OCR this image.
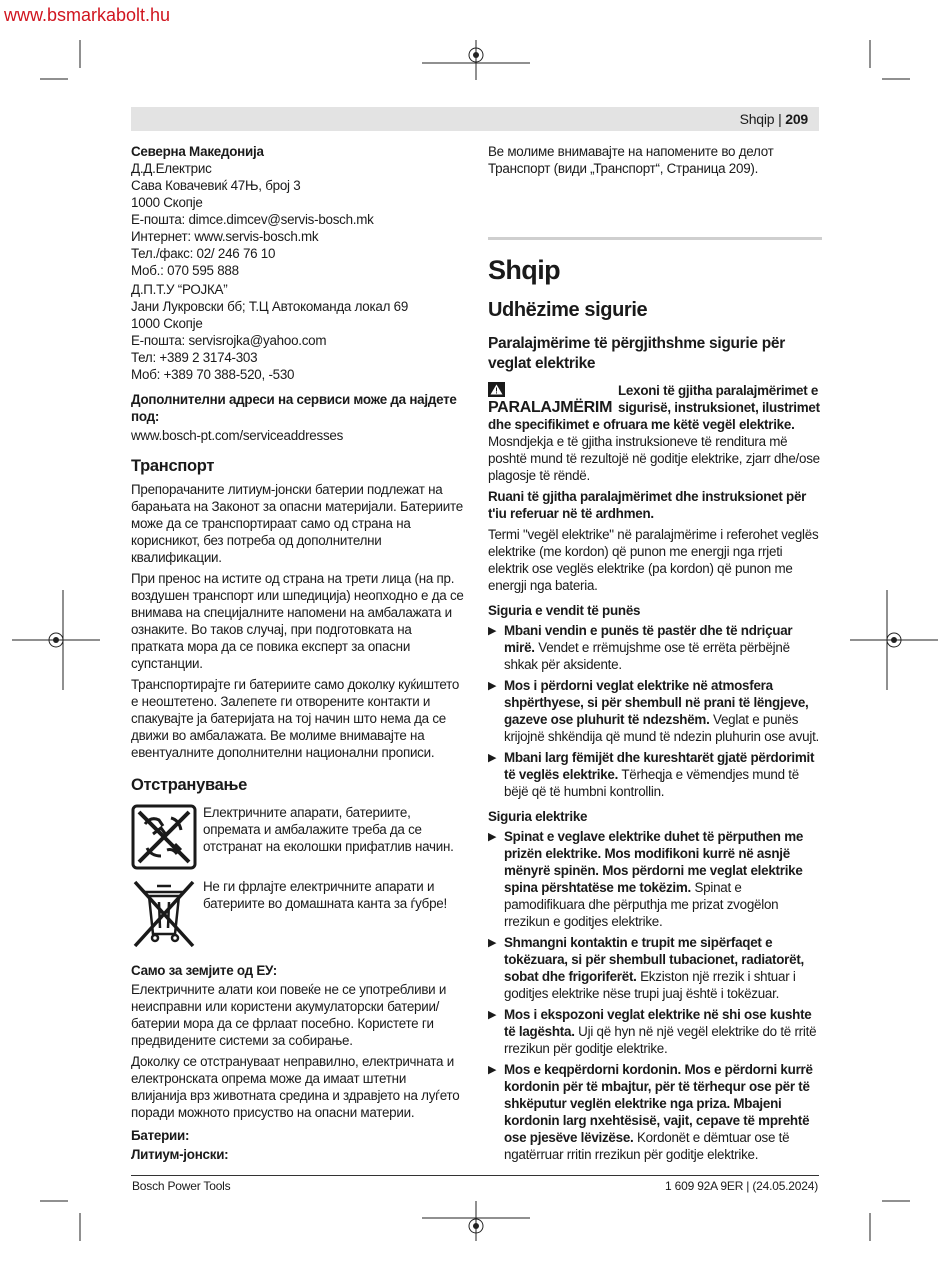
www.bsmarkabolt.hu
Shqip | 209

Северна Македонија

Д.Д.Електрис
Сава Ковачевиќ 47Њ, број 3
1000 Скопје
E-пошта: dimce.dimcev@servis-bosch.mk
Интернет: www.servis-bosch.mk
Тел./факс: 02/ 246 76 10
Моб.: 070 595 888
Д.П.Т.У “РОЈКА”
Јани Лукровски бб; Т.Ц Автокоманда локал 69
1000 Скопје
E-пошта: servisrojka@yahoo.com
Тел: +389 2 3174-303
Моб: +389 70 388-520, -530

Дополнителни адреси на сервиси може да најдете под:

www.bosch-pt.com/serviceaddresses

Транспорт

Препорачаните литиум-јонски батерии подлежат на барањата на Законот за опасни материјали. Батериите може да се транспортираат само од страна на корисникот, без потреба од дополнителни квалификации.

При пренос на истите од страна на трети лица (на пр. воздушен транспорт или шпедиција) неопходно е да се внимава на специјалните напомени на амбалажата и ознаките. Во таков случај, при подготовката на пратката мора да се повика експерт за опасни супстанции.

Транспортирајте ги батериите само доколку куќиштето е неоштетено. Залепете ги отворените контакти и спакувајте ја батеријата на тој начин што нема да се движи во амбалажата. Ве молиме внимавајте на евентуалните дополнителни национални прописи.

Отстранување
Електричните апарати, батериите, опремата и амбалажите треба да се отстранат на еколошки прифатлив начин.
Не ги фрлајте електричните апарати и батериите во домашната канта за ѓубре!

Само за земјите од ЕУ:

Електричните алати кои повеќе не се употребливи и неисправни или користени акумулаторски батерии/ батерии мора да се фрлаат посебно. Користете ги предвидените системи за собирање.

Доколку се отстрануваат неправилно, електричната и електронската опрема може да имаат штетни влијанија врз животната средина и здравјето на луѓето поради можното присуство на опасни материи.

Батерии:

Литиум-јонски:

Ве молиме внимавајте на напомените во делот Транспорт (види „Транспорт“, Страница 209).

Shqip
Udhëzime sigurie
Paralajmërime të përgjithshme sigurie për veglat elektrike
PARALAJMËRIM
Lexoni të gjitha paralajmërimet e sigurisë, instruksionet, ilustrimet dhe specifikimet e ofruara me këtë vegël elektrike. Mosndjekja e të gjitha instruksioneve të renditura më poshtë mund të rezultojë në goditje elektrike, zjarr dhe/ose plagosje të rëndë.

Ruani të gjitha paralajmërimet dhe instruksionet për t'iu referuar në të ardhmen.

Termi "vegël elektrike" në paralajmërime i referohet veglës elektrike (me kordon) që punon me energji nga rrjeti elektrik ose veglës elektrike (pa kordon) që punon me energji nga bateria.

Siguria e vendit të punës

▶ Mbani vendin e punës të pastër dhe të ndriçuar mirë. Vendet e rrëmujshme ose të errëta përbëjnë shkak për aksidente.
▶ Mos i përdorni veglat elektrike në atmosfera shpërthyese, si për shembull në prani të lëngjeve, gazeve ose pluhurit të ndezshëm. Veglat e punës krijojnë shkëndija që mund të ndezin pluhurin ose avujt.
▶ Mbani larg fëmijët dhe kureshtarët gjatë përdorimit të veglës elektrike. Tërheqja e vëmendjes mund të bëjë që të humbni kontrollin.

Siguria elektrike

▶ Spinat e veglave elektrike duhet të përputhen me prizën elektrike. Mos modifikoni kurrë në asnjë mënyrë spinën. Mos përdorni me veglat elektrike spina përshtatëse me tokëzim. Spinat e pamodifikuara dhe përputhja me prizat zvogëlon rrezikun e goditjes elektrike.
▶ Shmangni kontaktin e trupit me sipërfaqet e tokëzuara, si për shembull tubacionet, radiatorët, sobat dhe frigoriferët. Ekziston një rrezik i shtuar i goditjes elektrike nëse trupi juaj është i tokëzuar.
▶ Mos i ekspozoni veglat elektrike në shi ose kushte të lagështa. Uji që hyn në një vegël elektrike do të rritë rrezikun për goditje elektrike.
▶ Mos e keqpërdorni kordonin. Mos e përdorni kurrë kordonin për të mbajtur, për të tërhequr ose për të shkëputur veglën elektrike nga priza. Mbajeni kordonin larg nxehtësisë, vajit, cepave të mprehtë ose pjesëve lëvizëse. Kordonët e dëmtuar ose të ngatërruar rritin rrezikun për goditje elektrike.
Bosch Power Tools	1 609 92A 9ER | (24.05.2024)
